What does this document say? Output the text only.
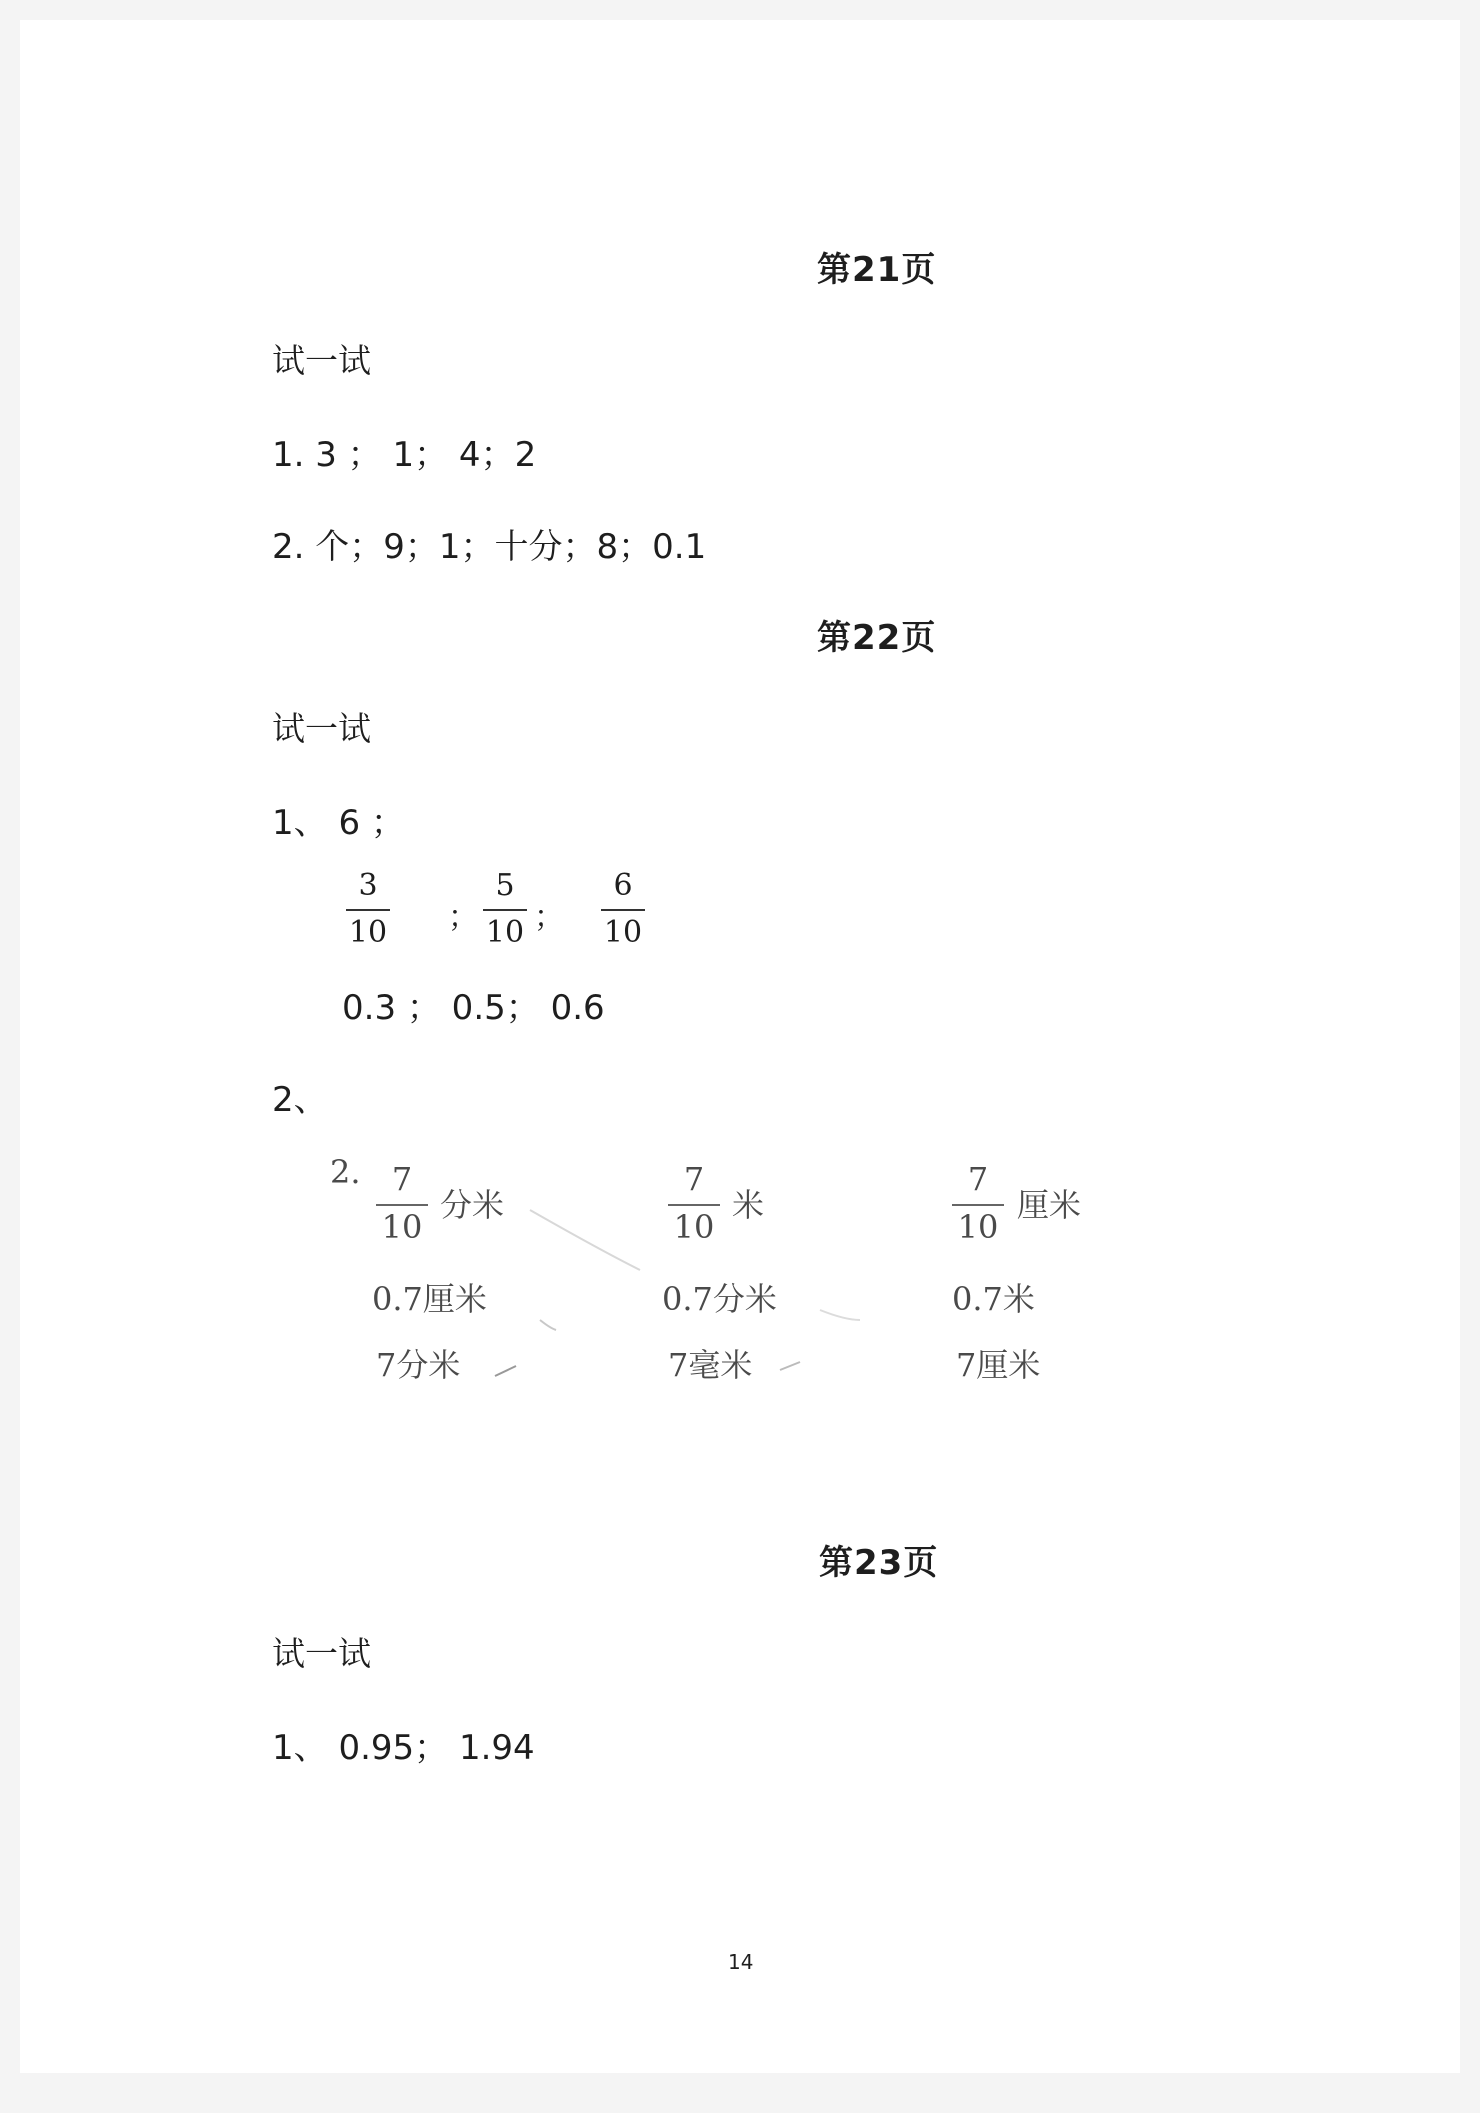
第21页
试一试
1. 3 ； 1； 4；2
2. 个；9；1；十分；8；0.1
第22页
试一试
1、 6 ；
3
10 ；
5
10 ；
6
10
0.3 ； 0.5； 0.6
2、
2. 7
10
分米
0.7厘米
7分米
7
10
米
0.7分米
7毫米
7
10
厘米
0.7米
7厘米
第23页
试一试
1、 0.95； 1.94
14
